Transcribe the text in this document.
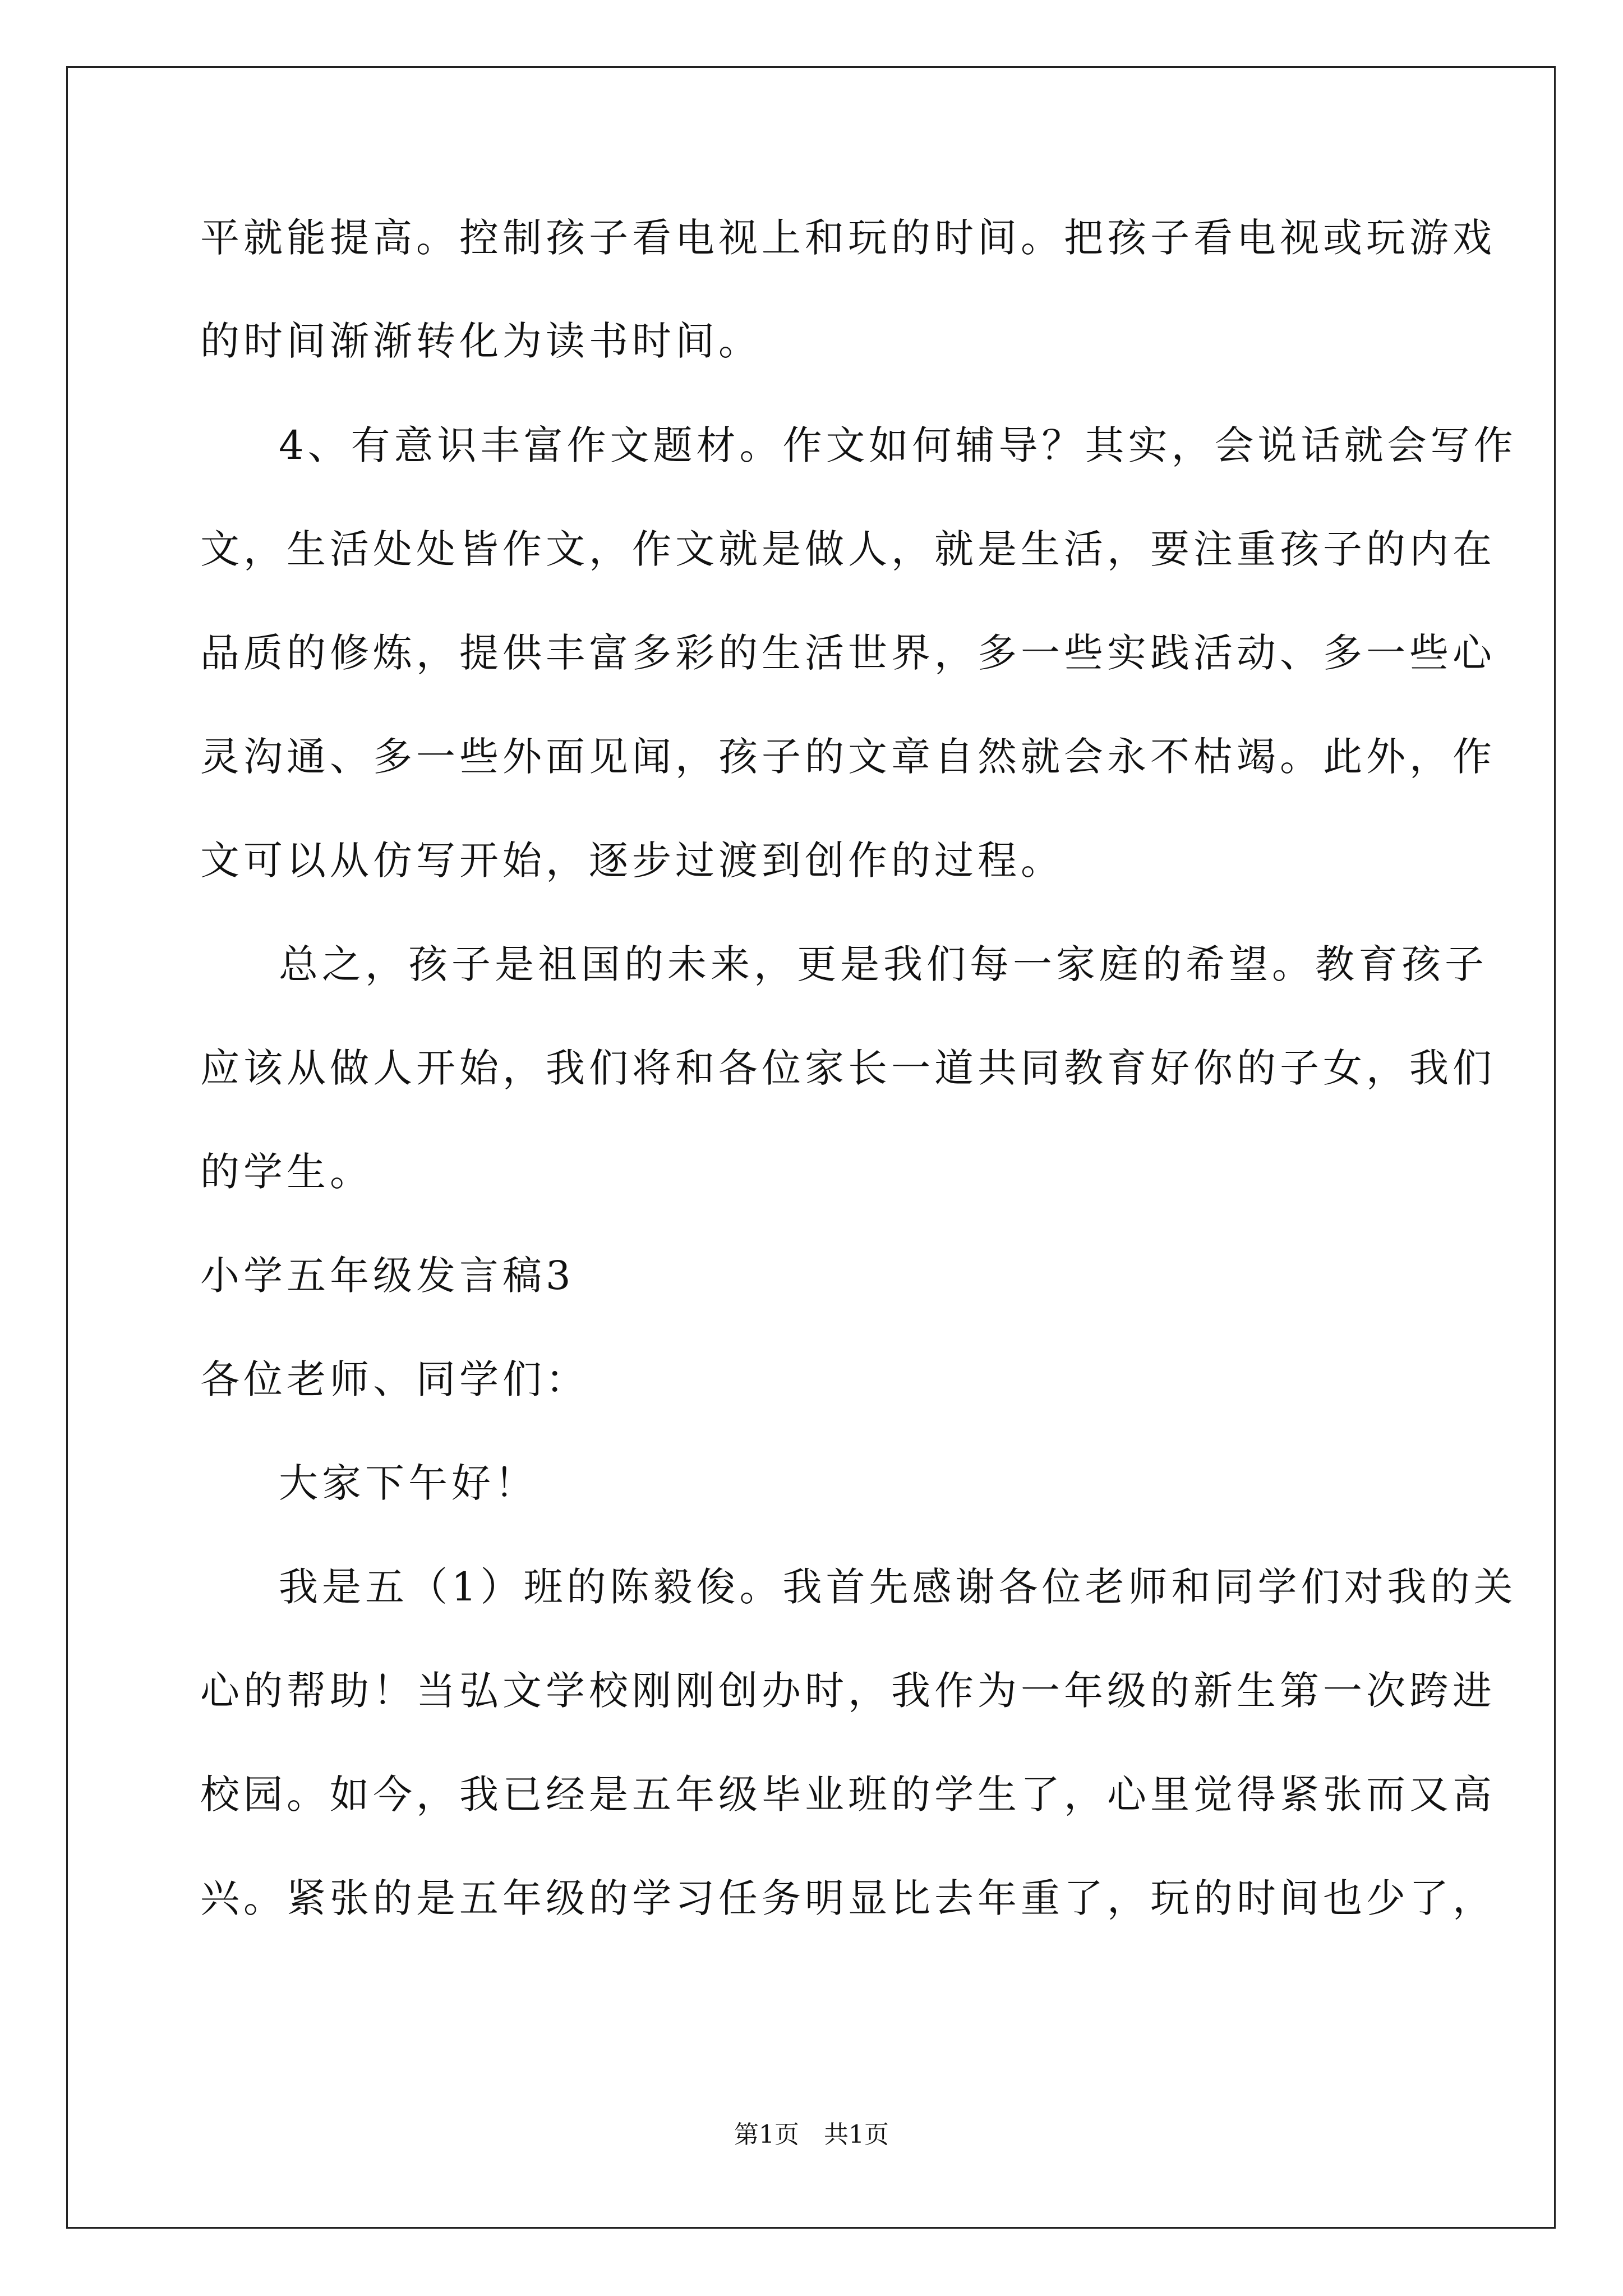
平就能提高。控制孩子看电视上和玩的时间。把孩子看电视或玩游戏
的时间渐渐转化为读书时间。
4、有意识丰富作文题材。作文如何辅导？其实，会说话就会写作
文，生活处处皆作文，作文就是做人，就是生活，要注重孩子的内在
品质的修炼，提供丰富多彩的生活世界，多一些实践活动、多一些心
灵沟通、多一些外面见闻，孩子的文章自然就会永不枯竭。此外，作
文可以从仿写开始，逐步过渡到创作的过程。
总之，孩子是祖国的未来，更是我们每一家庭的希望。教育孩子
应该从做人开始，我们将和各位家长一道共同教育好你的子女，我们
的学生。
小学五年级发言稿3
各位老师、同学们：
大家下午好！
我是五（1）班的陈毅俊。我首先感谢各位老师和同学们对我的关
心的帮助！当弘文学校刚刚创办时，我作为一年级的新生第一次跨进
校园。如今，我已经是五年级毕业班的学生了，心里觉得紧张而又高
兴。紧张的是五年级的学习任务明显比去年重了，玩的时间也少了，
第1页　共1页
